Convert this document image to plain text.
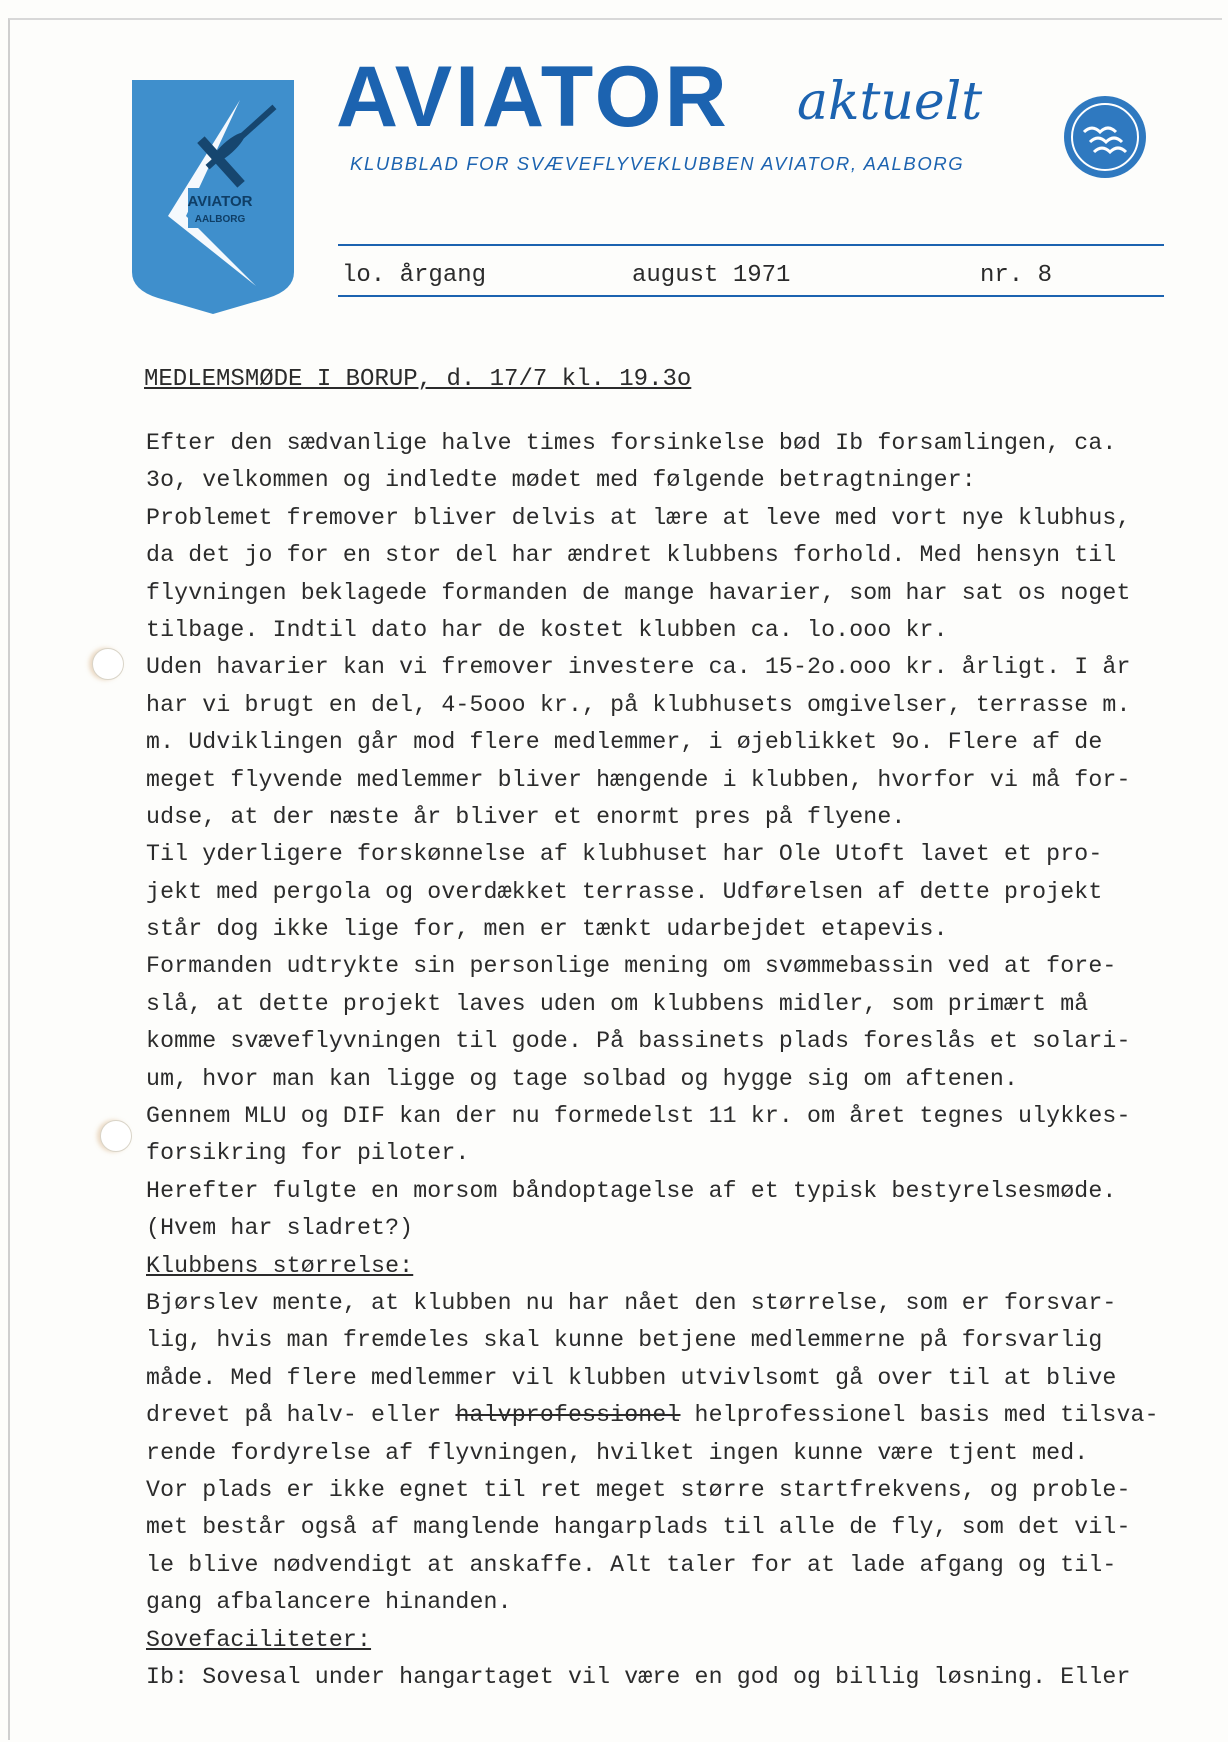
AVIATOR
AALBORG
AVIATOR aktuelt
KLUBBLAD FOR SVÆVEFLYVEKLUBBEN AVIATOR, AALBORG
lo. årgang	august 1971	nr. 8
MEDLEMSMØDE I BORUP, d. 17/7 kl. 19.3o
Efter den sædvanlige halve times forsinkelse bød Ib forsamlingen, ca.
3o, velkommen og indledte mødet med følgende betragtninger:
Problemet fremover bliver delvis at lære at leve med vort nye klubhus,
da det jo for en stor del har ændret klubbens forhold. Med hensyn til
flyvningen beklagede formanden de mange havarier, som har sat os noget
tilbage. Indtil dato har de kostet klubben ca. lo.ooo kr.
Uden havarier kan vi fremover investere ca. 15-2o.ooo kr. årligt. I år
har vi brugt en del, 4-5ooo kr., på klubhusets omgivelser, terrasse m.
m. Udviklingen går mod flere medlemmer, i øjeblikket 9o. Flere af de
meget flyvende medlemmer bliver hængende i klubben, hvorfor vi må for-
udse, at der næste år bliver et enormt pres på flyene.
Til yderligere forskønnelse af klubhuset har Ole Utoft lavet et pro-
jekt med pergola og overdækket terrasse. Udførelsen af dette projekt
står dog ikke lige for, men er tænkt udarbejdet etapevis.
Formanden udtrykte sin personlige mening om svømmebassin ved at fore-
slå, at dette projekt laves uden om klubbens midler, som primært må
komme svæveflyvningen til gode. På bassinets plads foreslås et solari-
um, hvor man kan ligge og tage solbad og hygge sig om aftenen.
Gennem MLU og DIF kan der nu formedelst 11 kr. om året tegnes ulykkes-
forsikring for piloter.
Herefter fulgte en morsom båndoptagelse af et typisk bestyrelsesmøde.
(Hvem har sladret?)
Klubbens størrelse:
Bjørslev mente, at klubben nu har nået den størrelse, som er forsvar-
lig, hvis man fremdeles skal kunne betjene medlemmerne på forsvarlig
måde. Med flere medlemmer vil klubben utvivlsomt gå over til at blive
drevet på halv- eller halvprofessionel helprofessionel basis med tilsva-
rende fordyrelse af flyvningen, hvilket ingen kunne være tjent med.
Vor plads er ikke egnet til ret meget større startfrekvens, og proble-
met består også af manglende hangarplads til alle de fly, som det vil-
le blive nødvendigt at anskaffe. Alt taler for at lade afgang og til-
gang afbalancere hinanden.
Sovefaciliteter:
Ib: Sovesal under hangartaget vil være en god og billig løsning. Eller
